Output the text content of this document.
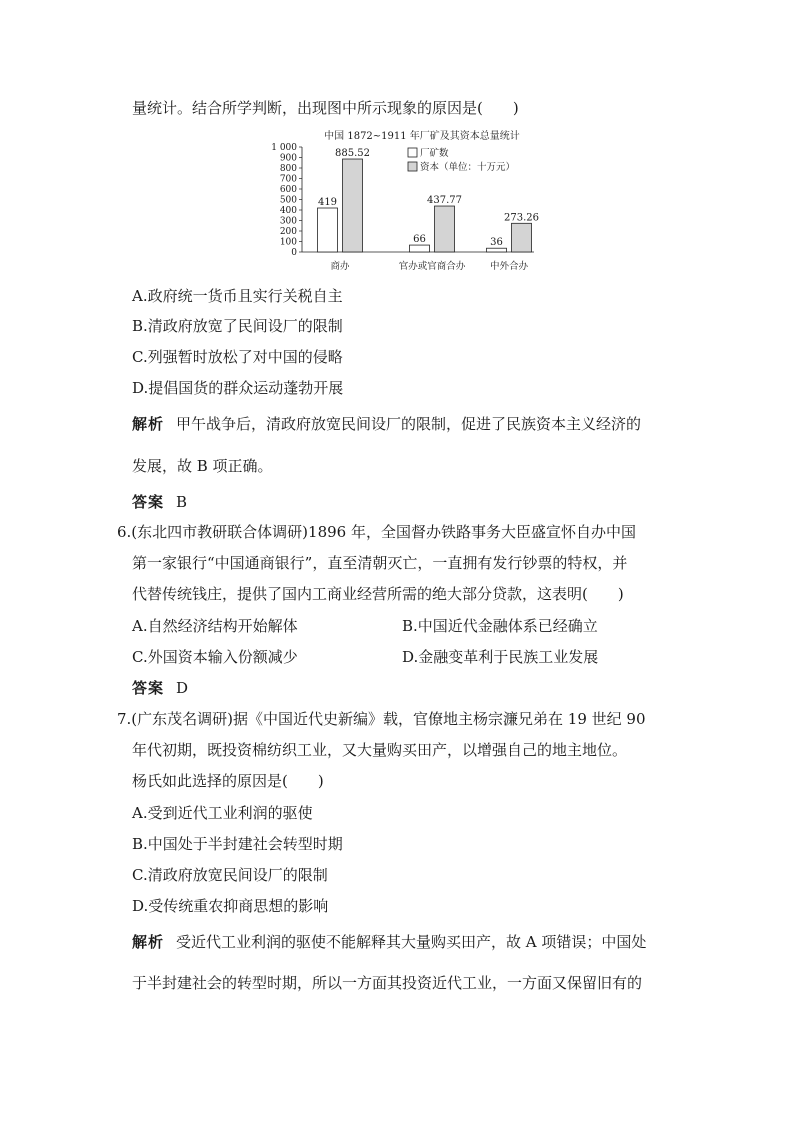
量统计。结合所学判断，出现图中所示现象的原因是(　　)
中国 1872~1911 年厂矿及其资本总量统计
0
100
200
300
400
500
600
700
800
900
1 000
419
885.52
商办
66
437.77
官办或官商合办
36
273.26
中外合办
厂矿数
资本（单位：十万元）
A.政府统一货币且实行关税自主
B.清政府放宽了民间设厂的限制
C.列强暂时放松了对中国的侵略
D.提倡国货的群众运动蓬勃开展
解析 甲午战争后，清政府放宽民间设厂的限制，促进了民族资本主义经济的
发展，故 B 项正确。
答案 B
6.(东北四市教研联合体调研)1896 年，全国督办铁路事务大臣盛宣怀自办中国
第一家银行“中国通商银行”，直至清朝灭亡，一直拥有发行钞票的特权，并
代替传统钱庄，提供了国内工商业经营所需的绝大部分贷款，这表明(　　)
A.自然经济结构开始解体	B.中国近代金融体系已经确立
C.外国资本输入份额减少	D.金融变革利于民族工业发展
答案 D
7.(广东茂名调研)据《中国近代史新编》载，官僚地主杨宗濂兄弟在 19 世纪 90
年代初期，既投资棉纺织工业，又大量购买田产，以增强自己的地主地位。
杨氏如此选择的原因是(　　)
A.受到近代工业利润的驱使
B.中国处于半封建社会转型时期
C.清政府放宽民间设厂的限制
D.受传统重农抑商思想的影响
解析 受近代工业利润的驱使不能解释其大量购买田产，故 A 项错误；中国处
于半封建社会的转型时期，所以一方面其投资近代工业，一方面又保留旧有的
